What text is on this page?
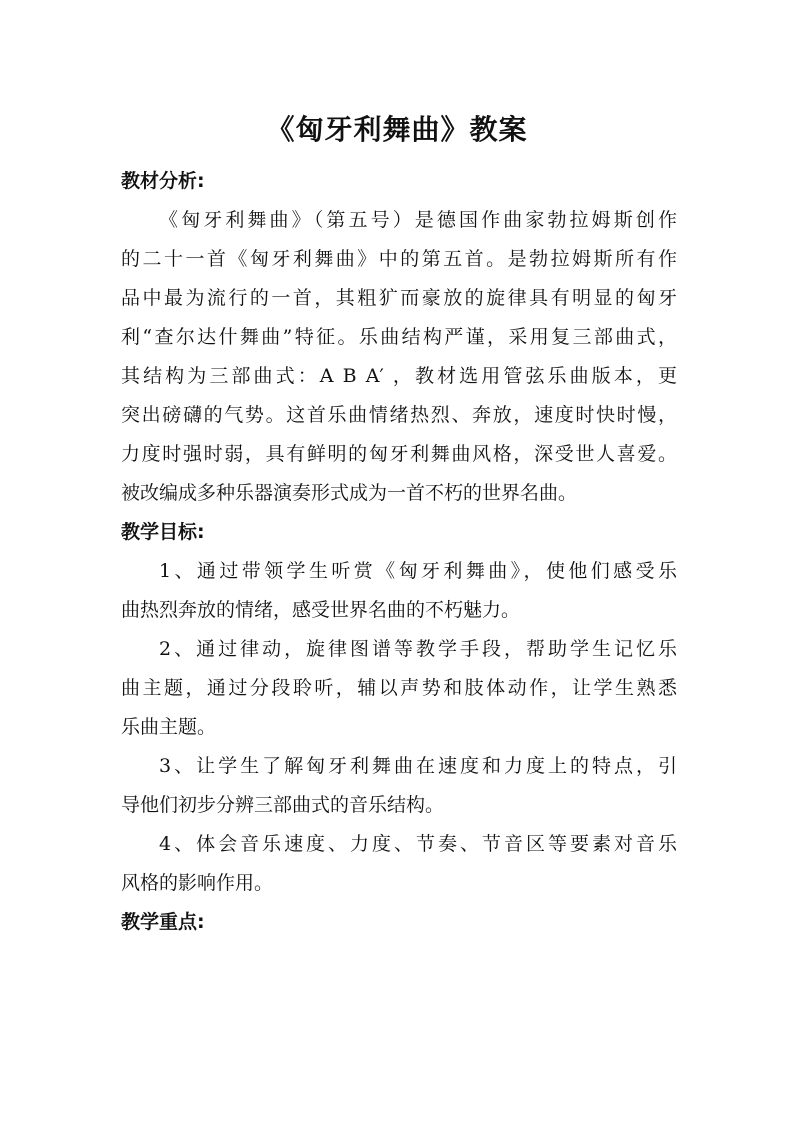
《匈牙利舞曲》教案
教材分析:
《匈牙利舞曲》（第五号）是德国作曲家勃拉姆斯创作
的二十一首《匈牙利舞曲》中的第五首。是勃拉姆斯所有作
品中最为流行的一首，其粗犷而豪放的旋律具有明显的匈牙
利“查尔达什舞曲”特征。乐曲结构严谨，采用复三部曲式，
其结构为三部曲式：A B A′ ，教材选用管弦乐曲版本，更
突出磅礴的气势。这首乐曲情绪热烈、奔放，速度时快时慢，
力度时强时弱，具有鲜明的匈牙利舞曲风格，深受世人喜爱。
被改编成多种乐器演奏形式成为一首不朽的世界名曲。
教学目标:
1、通过带领学生听赏《匈牙利舞曲》，使他们感受乐
曲热烈奔放的情绪，感受世界名曲的不朽魅力。
2、通过律动，旋律图谱等教学手段，帮助学生记忆乐
曲主题，通过分段聆听，辅以声势和肢体动作，让学生熟悉
乐曲主题。
3、让学生了解匈牙利舞曲在速度和力度上的特点，引
导他们初步分辨三部曲式的音乐结构。
4、体会音乐速度、力度、节奏、节音区等要素对音乐
风格的影响作用。
教学重点:
